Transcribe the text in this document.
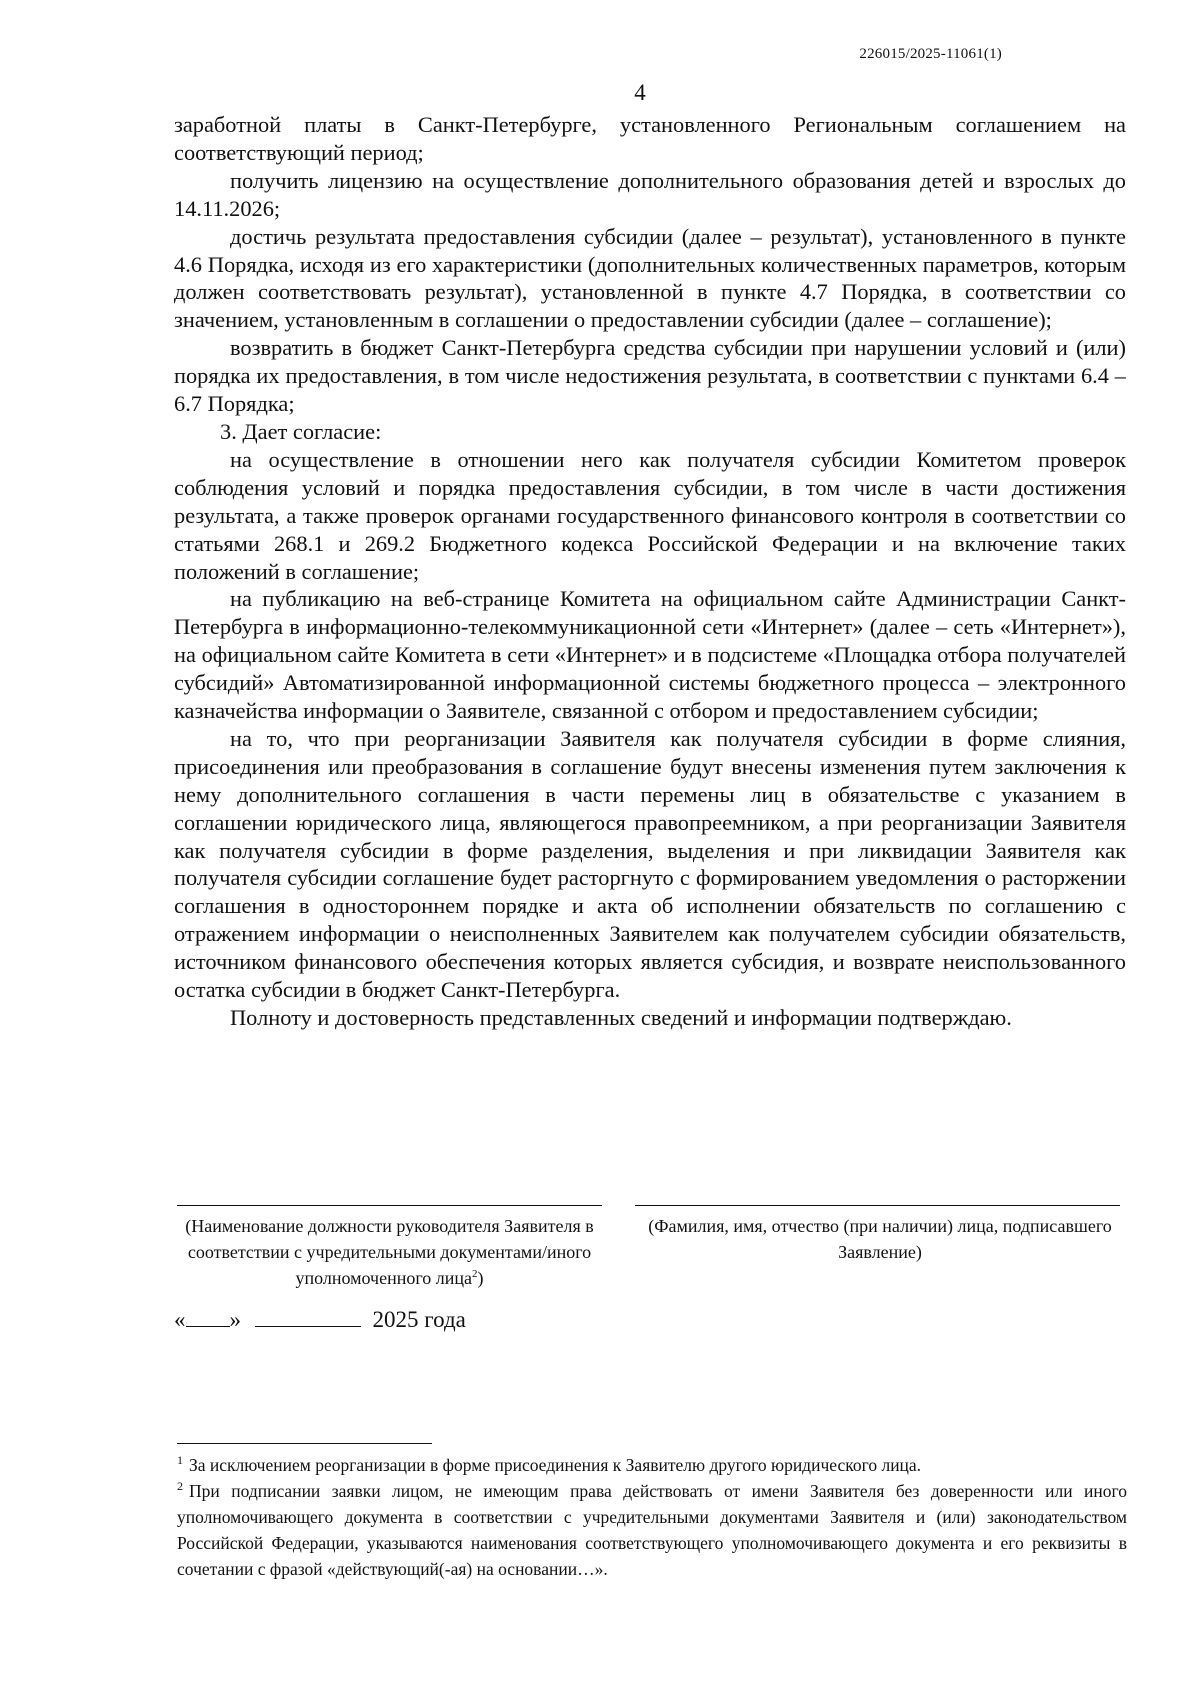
226015/2025-11061(1)
4

заработной платы в Санкт-Петербурге, установленного Региональным соглашением на соответствующий период;

получить лицензию на осуществление дополнительного образования детей и взрослых до 14.11.2026;

достичь результата предоставления субсидии (далее – результат), установленного в пункте 4.6 Порядка, исходя из его характеристики (дополнительных количественных параметров, которым должен соответствовать результат), установленной в пункте 4.7 Порядка, в соответствии со значением, установленным в соглашении о предоставлении субсидии (далее – соглашение);

возвратить в бюджет Санкт-Петербурга средства субсидии при нарушении условий и (или) порядка их предоставления, в том числе недостижения результата, в соответствии с пунктами 6.4 – 6.7 Порядка;

3. Дает согласие:

на осуществление в отношении него как получателя субсидии Комитетом проверок соблюдения условий и порядка предоставления субсидии, в том числе в части достижения результата, а также проверок органами государственного финансового контроля в соответствии со статьями 268.1 и 269.2 Бюджетного кодекса Российской Федерации и на включение таких положений в соглашение;

на публикацию на веб-странице Комитета на официальном сайте Администрации Санкт-Петербурга в информационно-телекоммуникационной сети «Интернет» (далее – сеть «Интернет»), на официальном сайте Комитета в сети «Интернет» и в подсистеме «Площадка отбора получателей субсидий» Автоматизированной информационной системы бюджетного процесса – электронного казначейства информации о Заявителе, связанной с отбором и предоставлением субсидии;

на то, что при реорганизации Заявителя как получателя субсидии в форме слияния, присоединения или преобразования в соглашение будут внесены изменения путем заключения к нему дополнительного соглашения в части перемены лиц в обязательстве с указанием в соглашении юридического лица, являющегося правопреемником, а при реорганизации Заявителя как получателя субсидии в форме разделения, выделения и при ликвидации Заявителя как получателя субсидии соглашение будет расторгнуто с формированием уведомления о расторжении соглашения в одностороннем порядке и акта об исполнении обязательств по соглашению с отражением информации о неисполненных Заявителем как получателем субсидии обязательств, источником финансового обеспечения которых является субсидия, и возврате неиспользованного остатка субсидии в бюджет Санкт-Петербурга.

Полноту и достоверность представленных сведений и информации подтверждаю.

(Наименование должности руководителя Заявителя в соответствии с учредительными документами/иного уполномоченного лица$^2$)
(Фамилия, имя, отчество (при наличии) лица, подписавшего Заявление)
« »	2025 года

$^1$ За исключением реорганизации в форме присоединения к Заявителю другого юридического лица.

$^2$ При подписании заявки лицом, не имеющим права действовать от имени Заявителя без доверенности или иного уполномочивающего документа в соответствии с учредительными документами Заявителя и (или) законодательством Российской Федерации, указываются наименования соответствующего уполномочивающего документа и его реквизиты в сочетании с фразой «действующий(-ая) на основании…».
